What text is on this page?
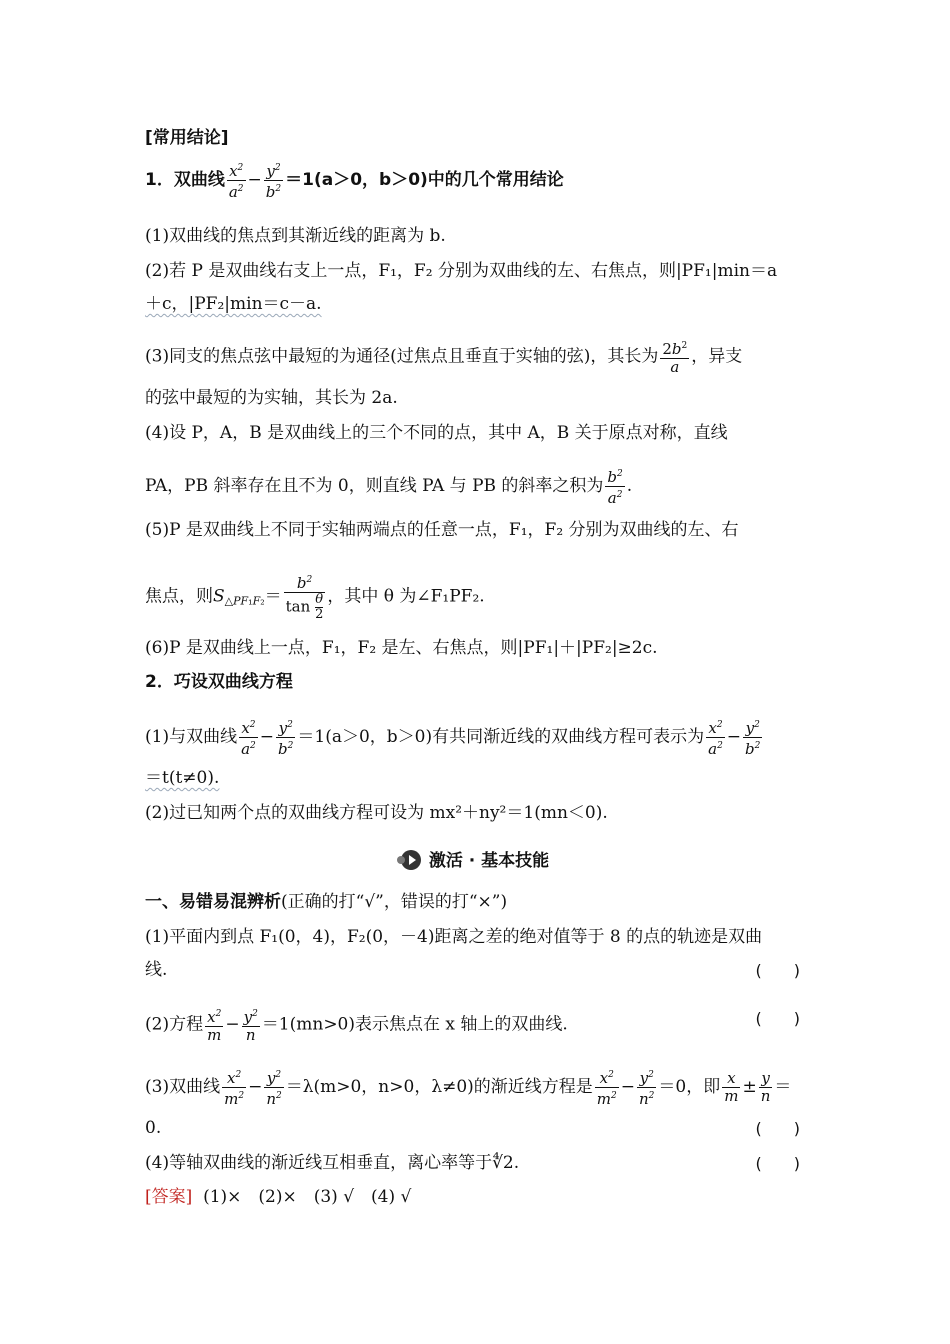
[常用结论]
1．双曲线 $\frac{x^2}{a^2} - \frac{y^2}{b^2} =1(a>0$，b＞0)中的几个常用结论
(1)双曲线的焦点到其渐近线的距离为 b.
(2)若 P 是双曲线右支上一点，F₁，F₂ 分别为双曲线的左、右焦点，则|PF₁|min＝a
＋c，|PF₂|min＝c－a.
(3)同支的焦点弦中最短的为通径(过焦点且垂直于实轴的弦)，其长为 $\frac{2b^2}{a}$ ，异支
的弦中最短的为实轴，其长为 2a.
(4)设 P，A，B 是双曲线上的三个不同的点，其中 A，B 关于原点对称，直线
PA，PB 斜率存在且不为 0，则直线 PA 与 PB 的斜率之积为 $\frac{b^2}{a^2}$ .
(5)P 是双曲线上不同于实轴两端点的任意一点，F₁，F₂ 分别为双曲线的左、右
焦点，则$S_{\triangle PF_1F_2}= \frac{b^2}{\tan \frac{\theta}{2}}$ ，其中 θ 为∠F₁PF₂.
(6)P 是双曲线上一点，F₁，F₂ 是左、右焦点，则|PF₁|＋|PF₂|≥2c.
2．巧设双曲线方程
(1)与双曲线 $\frac{x^2}{a^2} - \frac{y^2}{b^2} =1(a>0$，b＞0)有共同渐近线的双曲线方程可表示为 $\frac{x^2}{a^2} - \frac{y^2}{b^2}$
＝t(t≠0).
(2)过已知两个点的双曲线方程可设为 mx²＋ny²＝1(mn＜0).
激活 · 基本技能
一、易错易混辨析(正确的打“√”，错误的打“×”)
(1)平面内到点 F₁(0，4)，F₂(0，－4)距离之差的绝对值等于 8 的点的轨迹是双曲
线.	(　　)
(2)方程 $\frac{x^2}{m} - \frac{y^2}{n} =1(mn>0)$表示焦点在 x 轴上的双曲线.	(　　)
(3)双曲线 $\frac{x^2}{m^2} - \frac{y^2}{n^2} =\lambda(m>0$，n>0，λ≠0)的渐近线方程是 $\frac{x^2}{m^2} - \frac{y^2}{n^2} =0$，即 $\frac{x}{m} \pm \frac{y}{n}$ ＝
0.	(　　)
(4)等轴双曲线的渐近线互相垂直，离心率等于∜2.	(　　)
[答案] (1)×　(2)×　(3) √　(4) √
